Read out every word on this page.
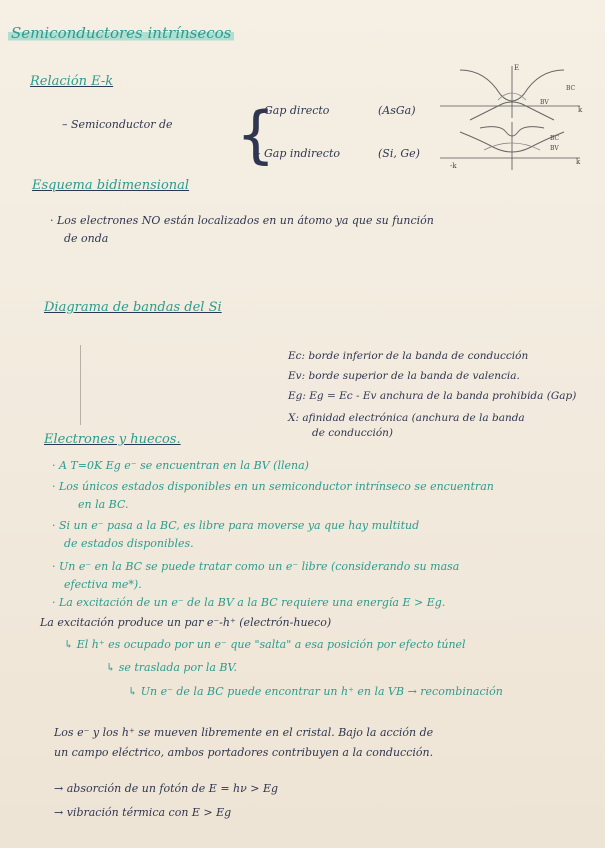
Semiconductores intrínsecos
Relación E-k
– Semiconductor de {
– Gap directo	(AsGa)
– Gap indirecto	(Si, Ge)
E
k
BC
BV
BC
BV
k
-k
Esquema bidimensional
· Los electrones NO están localizados en un átomo ya que su función
de onda
Diagrama de bandas del Si
Ec: borde inferior de la banda de conducción
Ev: borde superior de la banda de valencia.
Eg: Eg = Ec - Ev anchura de la banda prohibida (Gap)
X: afinidad electrónica (anchura de la banda
de conducción)
Electrones y huecos.
· A T=0K Eg e⁻ se encuentran en la BV (llena)
· Los únicos estados disponibles en un semiconductor intrínseco se encuentran
en la BC.
· Si un e⁻ pasa a la BC, es libre para moverse ya que hay multitud
de estados disponibles.
· Un e⁻ en la BC se puede tratar como un e⁻ libre (considerando su masa
efectiva me*).
· La excitación de un e⁻ de la BV a la BC requiere una energía E > Eg.
La excitación produce un par e⁻-h⁺ (electrón-hueco)
↳ El h⁺ es ocupado por un e⁻ que "salta" a esa posición por efecto túnel
↳ se traslada por la BV.
↳ Un e⁻ de la BC puede encontrar un h⁺ en la VB → recombinación
Los e⁻ y los h⁺ se mueven libremente en el cristal. Bajo la acción de
un campo eléctrico, ambos portadores contribuyen a la conducción.
→ absorción de un fotón de E = hν > Eg
→ vibración térmica con E > Eg
